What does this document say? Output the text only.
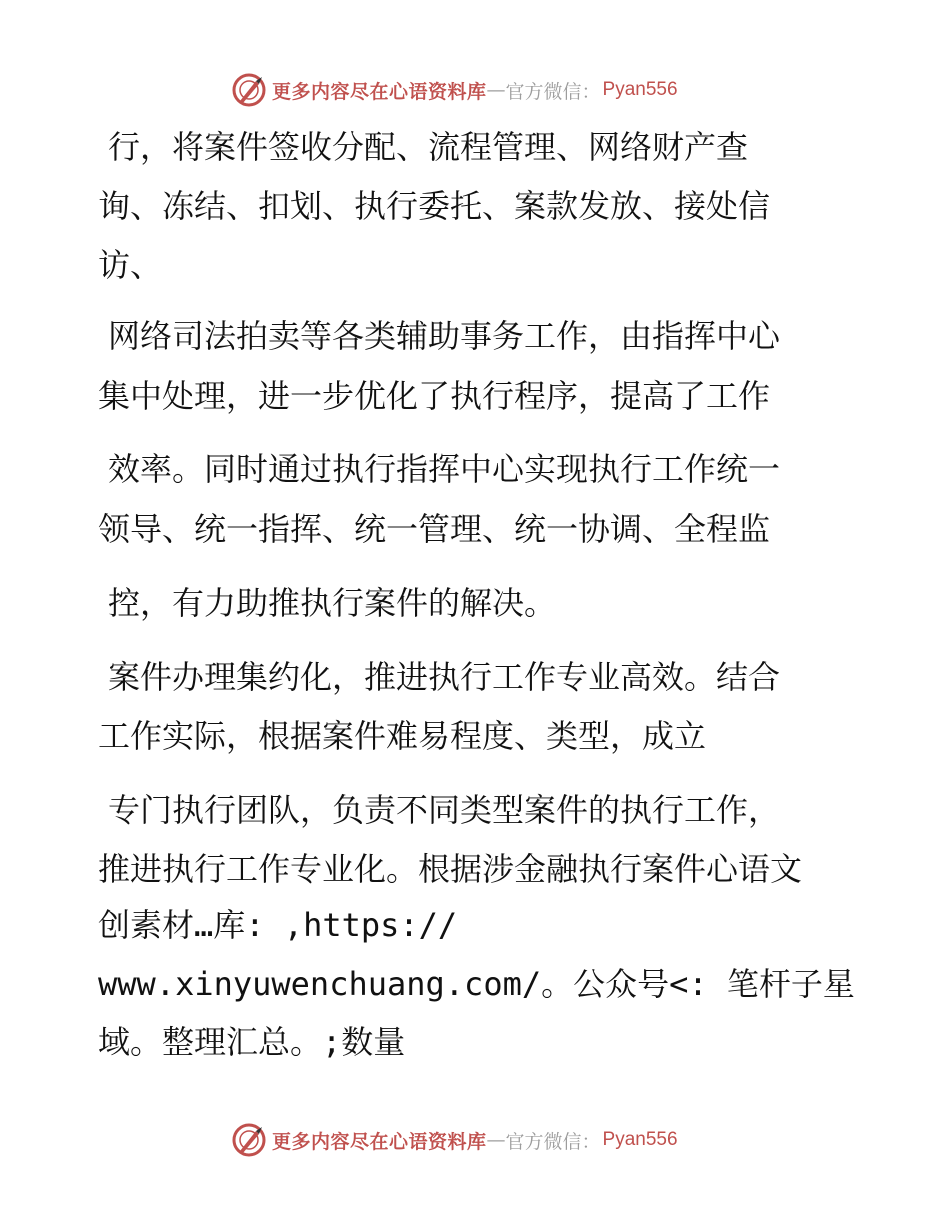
更多内容尽在心语资料库 — 官方微信： Pyan556
行，将案件签收分配、流程管理、网络财产查
询、冻结、扣划、执行委托、案款发放、接处信
访、
网络司法拍卖等各类辅助事务工作，由指挥中心
集中处理，进一步优化了执行程序，提高了工作
效率。同时通过执行指挥中心实现执行工作统一
领导、统一指挥、统一管理、统一协调、全程监
控，有力助推执行案件的解决。
案件办理集约化，推进执行工作专业高效。结合
工作实际，根据案件难易程度、类型，成立
专门执行团队，负责不同类型案件的执行工作，
推进执行工作专业化。根据涉金融执行案件心语文
创素材…库: ,https://
www.xinyuwenchuang.com/。公众号<: 笔杆子星
域。整理汇总。;数量
更多内容尽在心语资料库 — 官方微信： Pyan556
